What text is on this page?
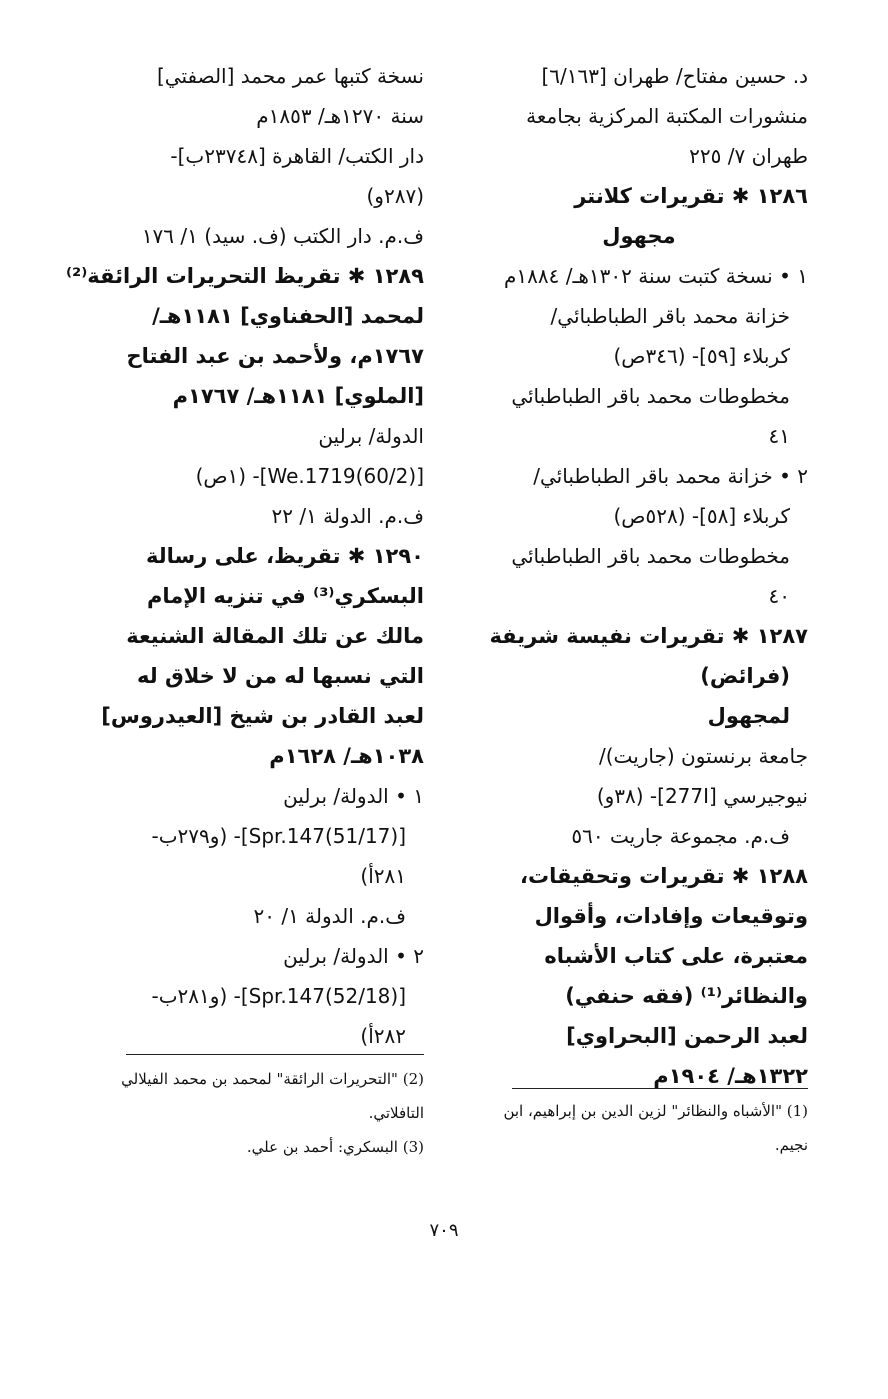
د. حسين مفتاح/ طهران [٦/١٦٣]
منشورات المكتبة المركزية بجامعة
طهران ٧/ ٢٢٥
١٢٨٦ ✱ تقريرات كلانتر
مجهول
١ • نسخة كتبت سنة ١٣٠٢هـ/ ١٨٨٤م
خزانة محمد باقر الطباطبائي/
كربلاء [٥٩]- (٣٤٦ص)
مخطوطات محمد باقر الطباطبائي
٤١
٢ • خزانة محمد باقر الطباطبائي/
كربلاء [٥٨]- (٥٢٨ص)
مخطوطات محمد باقر الطباطبائي
٤٠
١٢٨٧ ✱ تقريرات نفيسة شريفة
(فرائض)
لمجهول
جامعة برنستون (جاريت)/
نيوجيرسي [277I]- (٣٨و)
ف.م. مجموعة جاريت ٥٦٠
١٢٨٨ ✱ تقريرات وتحقيقات،
وتوقيعات وإفادات، وأقوال
معتبرة، على كتاب الأشباه
والنظائر⁽¹⁾ (فقه حنفي)
لعبد الرحمن [البحراوي]
١٣٢٢هـ/ ١٩٠٤م
نسخة كتبها عمر محمد [الصفتي]
سنة ١٢٧٠هـ/ ١٨٥٣م
دار الكتب/ القاهرة [٢٣٧٤٨ب]-
(٢٨٧و)
ف.م. دار الكتب (ف. سيد) ١/ ١٧٦
١٢٨٩ ✱ تقريظ التحريرات الرائقة⁽²⁾
لمحمد [الحفناوي] ١١٨١هـ/
١٧٦٧م، ولأحمد بن عبد الفتاح
[الملوي] ١١٨١هـ/ ١٧٦٧م
الدولة/ برلين
[(60/2)We.1719]- (١ص)
ف.م. الدولة ١/ ٢٢
١٢٩٠ ✱ تقريظ، على رسالة
البسكري⁽³⁾ في تنزيه الإمام
مالك عن تلك المقالة الشنيعة
التي نسبها له من لا خلاق له
لعبد القادر بن شيخ [العيدروس]
١٠٣٨هـ/ ١٦٢٨م
١ • الدولة/ برلين
[(51/17)Spr.147]- (و٢٧٩ب-
٢٨١أ)
ف.م. الدولة ١/ ٢٠
٢ • الدولة/ برلين
[(52/18)Spr.147]- (و٢٨١ب-
٢٨٢أ)
(1) "الأشباه والنظائر" لزين الدين بن إبراهيم، ابن
نجيم.
(2) "التحريرات الرائقة" لمحمد بن محمد الفيلالي
التافلاتي.
(3) البسكري: أحمد بن علي.
٧٠٩
